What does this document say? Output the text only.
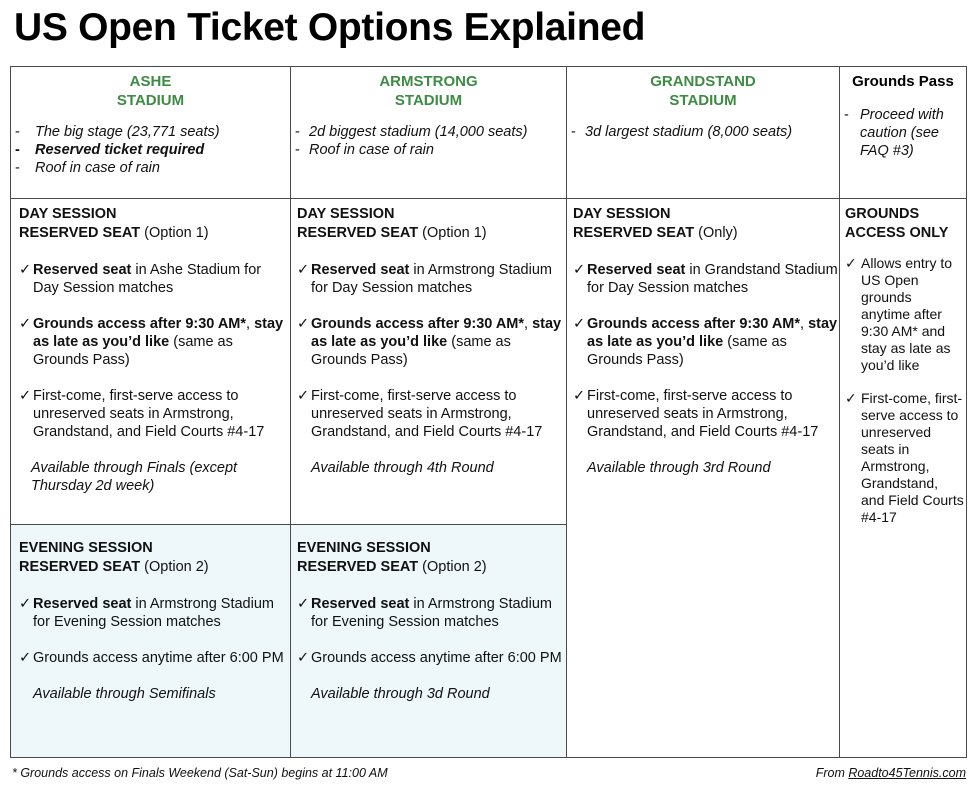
US Open Ticket Options Explained
ASHE
STADIUM
- The big stage (23,771 seats)
- Reserved ticket required
- Roof in case of rain
ARMSTRONG
STADIUM
- 2d biggest stadium (14,000 seats)
- Roof in case of rain
GRANDSTAND
STADIUM
- 3d largest stadium (8,000 seats)
Grounds Pass
- Proceed with caution (see FAQ #3)
DAY SESSION
RESERVED SEAT (Option 1)
✓ Reserved seat in Ashe Stadium for Day Session matches
✓ Grounds access after 9:30 AM*, stay as late as you’d like (same as Grounds Pass)
✓ First-come, first-serve access to unreserved seats in Armstrong, Grandstand, and Field Courts #4-17
Available through Finals (except Thursday 2d week)
DAY SESSION
RESERVED SEAT (Option 1)
✓ Reserved seat in Armstrong Stadium for Day Session matches
✓ Grounds access after 9:30 AM*, stay as late as you’d like (same as Grounds Pass)
✓ First-come, first-serve access to unreserved seats in Armstrong, Grandstand, and Field Courts #4-17
Available through 4th Round
DAY SESSION
RESERVED SEAT (Only)
✓ Reserved seat in Grandstand Stadium for Day Session matches
✓ Grounds access after 9:30 AM*, stay as late as you’d like (same as Grounds Pass)
✓ First-come, first-serve access to unreserved seats in Armstrong, Grandstand, and Field Courts #4-17
Available through 3rd Round
GROUNDS
ACCESS ONLY
✓ Allows entry to US Open grounds anytime after 9:30 AM* and stay as late as you’d like
✓ First-come, first-serve access to unreserved seats in Armstrong, Grandstand, and Field Courts #4-17
EVENING SESSION
RESERVED SEAT (Option 2)
✓ Reserved seat in Armstrong Stadium for Evening Session matches
✓ Grounds access anytime after 6:00 PM
Available through Semifinals
EVENING SESSION
RESERVED SEAT (Option 2)
✓ Reserved seat in Armstrong Stadium for Evening Session matches
✓ Grounds access anytime after 6:00 PM
Available through 3d Round
* Grounds access on Finals Weekend (Sat-Sun) begins at 11:00 AM	From Roadto45Tennis.com
